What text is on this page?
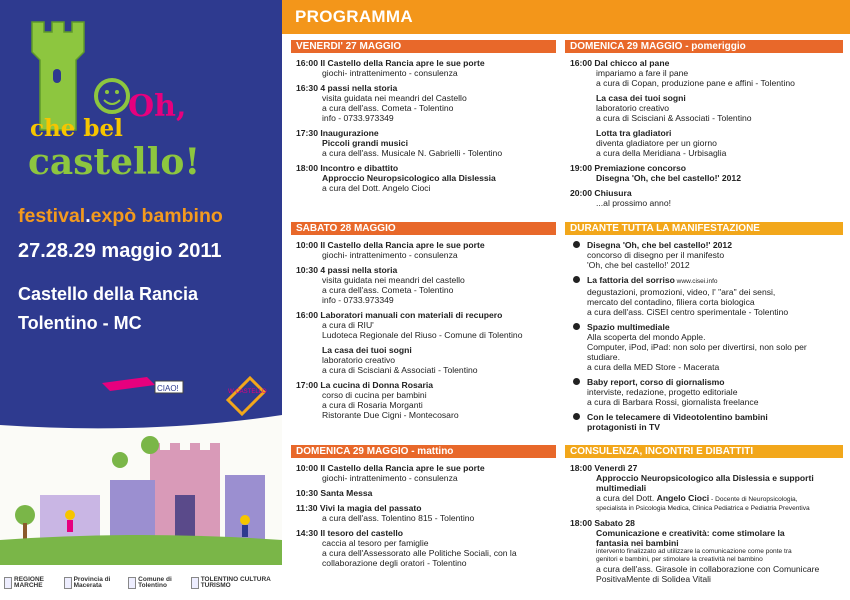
Oh,
che bel
castello!
festival.expò bambino
27.28.29 maggio 2011
Castello della Rancia
Tolentino - MC
CIAO!	W CASTELLO
REGIONE MARCHE
Provincia di Macerata
Comune di Tolentino
TOLENTINO CULTURA TURISMO
PROGRAMMA
VENERDI' 27 MAGGIO
16:00 Il Castello della Rancia apre le sue porte
giochi- intrattenimento - consulenza
16:30 4 passi nella storia
visita guidata nei meandri del Castello
a cura dell'ass. Cometa - Tolentino
info - 0733.973349
17:30 Inaugurazione
Piccoli grandi musici
a cura dell'ass. Musicale N. Gabrielli - Tolentino
18:00 Incontro e dibattito
Approccio Neuropsicologico alla Dislessia
a cura del Dott. Angelo Cioci
SABATO 28 MAGGIO
10:00 Il Castello della Rancia apre le sue porte
giochi- intrattenimento - consulenza
10:30 4 passi nella storia
visita guidata nei meandri del castello
a cura dell'ass. Cometa - Tolentino
info - 0733.973349
16:00 Laboratori manuali con materiali di recupero
a cura di RIU'
Ludoteca Regionale del Riuso - Comune di Tolentino
La casa dei tuoi sogni
laboratorio creativo
a cura di Scisciani & Associati - Tolentino
17:00 La cucina di Donna Rosaria
corso di cucina per bambini
a cura di Rosaria Morganti
Ristorante Due Cigni - Montecosaro
DOMENICA 29 MAGGIO - mattino
10:00 Il Castello della Rancia apre le sue porte
giochi- intrattenimento - consulenza
10:30 Santa Messa
11:30 Vivi la magia del passato
a cura dell'ass. Tolentino 815 - Tolentino
14:30 Il tesoro del castello
caccia al tesoro per famiglie
a cura dell'Assessorato alle Politiche Sociali, con la
collaborazione degli oratori - Tolentino
DOMENICA 29 MAGGIO - pomeriggio
16:00 Dal chicco al pane
impariamo a fare il pane
a cura di Copan, produzione pane e affini - Tolentino
La casa dei tuoi sogni
laboratorio creativo
a cura di Scisciani & Associati - Tolentino
Lotta tra gladiatori
diventa gladiatore per un giorno
a cura della Meridiana - Urbisaglia
19:00 Premiazione concorso
Disegna 'Oh, che bel castello!' 2012
20:00 Chiusura
...al prossimo anno!
DURANTE TUTTA LA MANIFESTAZIONE
Disegna 'Oh, che bel castello!' 2012
concorso di disegno per il manifesto
'Oh, che bel castello!' 2012
La fattoria del sorriso www.cisei.info
degustazioni, promozioni, video, l' "ara" dei sensi,
mercato del contadino, filiera corta biologica
a cura dell'ass. CiSEI centro sperimentale - Tolentino
Spazio multimediale
Alla scoperta del mondo Apple.
Computer, iPod, iPad: non solo per divertirsi, non solo per
studiare.
a cura della MED Store - Macerata
Baby report, corso di giornalismo
interviste, redazione, progetto editoriale
a cura di Barbara Rossi, giornalista freelance
Con le telecamere di Videotolentino bambini
protagonisti in TV
CONSULENZA, INCONTRI E DIBATTITI
18:00 Venerdì 27
Approccio Neuropsicologico alla Dislessia e supporti
multimediali
a cura del Dott. Angelo Cioci - Docente di Neuropsicologia,
specialista in Psicologia Medica, Clinica Pediatrica e Pediatria Preventiva
18:00 Sabato 28
Comunicazione e creatività: come stimolare la
fantasia nei bambini
intervento finalizzato ad utilizzare la comunicazione come ponte tra
genitori e bambini, per stimolare la creatività nel bambino
a cura dell'ass. Girasole in collaborazione con Comunicare
PositivaMente di Solidea Vitali
